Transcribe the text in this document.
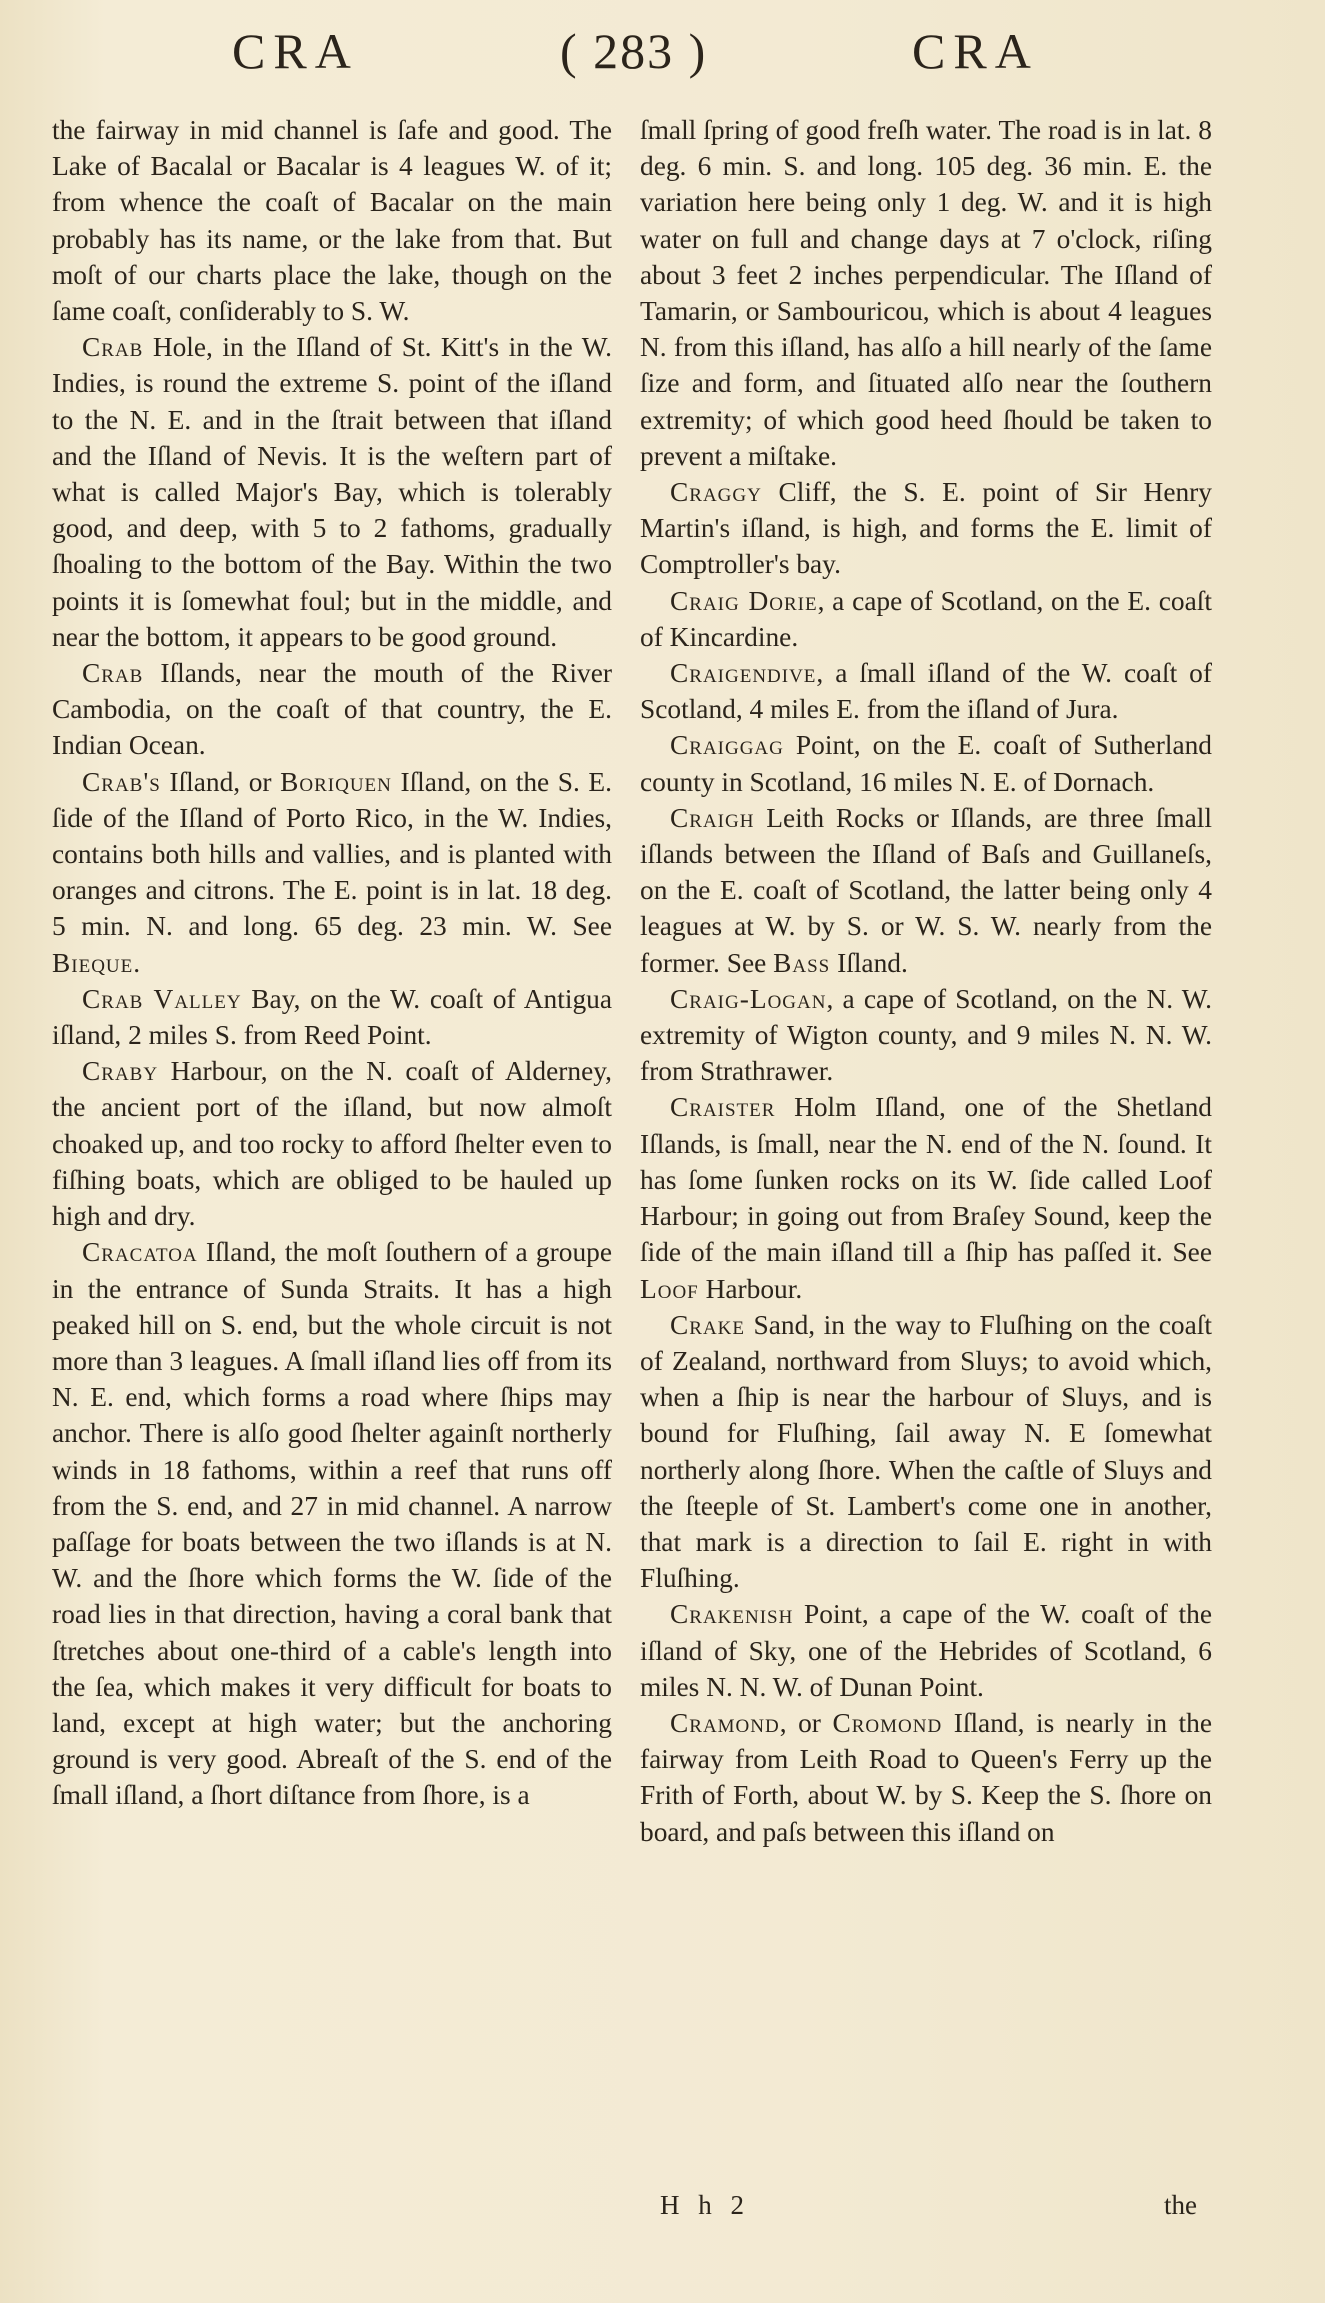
CRA	( 283 )	CRA

the fairway in mid channel is ſafe and good. The Lake of Bacalal or Bacalar is 4 leagues W. of it; from whence the coaſt of Bacalar on the main probably has its name, or the lake from that. But moſt of our charts place the lake, though on the ſame coaſt, conſiderably to S. W.

Crab Hole, in the Iſland of St. Kitt's in the W. Indies, is round the extreme S. point of the iſland to the N. E. and in the ſtrait between that iſland and the Iſland of Nevis. It is the weſtern part of what is called Major's Bay, which is tolerably good, and deep, with 5 to 2 fathoms, gradually ſhoaling to the bottom of the Bay. Within the two points it is ſomewhat foul; but in the middle, and near the bottom, it appears to be good ground.

Crab Iſlands, near the mouth of the River Cambodia, on the coaſt of that country, the E. Indian Ocean.

Crab's Iſland, or Boriquen Iſland, on the S. E. ſide of the Iſland of Porto Rico, in the W. Indies, contains both hills and vallies, and is planted with oranges and citrons. The E. point is in lat. 18 deg. 5 min. N. and long. 65 deg. 23 min. W. See Bieque.

Crab Valley Bay, on the W. coaſt of Antigua iſland, 2 miles S. from Reed Point.

Craby Harbour, on the N. coaſt of Alderney, the ancient port of the iſland, but now almoſt choaked up, and too rocky to afford ſhelter even to fiſhing boats, which are obliged to be hauled up high and dry.

Cracatoa Iſland, the moſt ſouthern of a groupe in the entrance of Sunda Straits. It has a high peaked hill on S. end, but the whole circuit is not more than 3 leagues. A ſmall iſland lies off from its N. E. end, which forms a road where ſhips may anchor. There is alſo good ſhelter againſt northerly winds in 18 fathoms, within a reef that runs off from the S. end, and 27 in mid channel. A narrow paſſage for boats between the two iſlands is at N. W. and the ſhore which forms the W. ſide of the road lies in that direction, having a coral bank that ſtretches about one-third of a cable's length into the ſea, which makes it very difficult for boats to land, except at high water; but the anchoring ground is very good. Abreaſt of the S. end of the ſmall iſland, a ſhort diſtance from ſhore, is a

ſmall ſpring of good freſh water. The road is in lat. 8 deg. 6 min. S. and long. 105 deg. 36 min. E. the variation here being only 1 deg. W. and it is high water on full and change days at 7 o'clock, riſing about 3 feet 2 inches perpendicular. The Iſland of Tamarin, or Sambouricou, which is about 4 leagues N. from this iſland, has alſo a hill nearly of the ſame ſize and form, and ſituated alſo near the ſouthern extremity; of which good heed ſhould be taken to prevent a miſtake.

Craggy Cliff, the S. E. point of Sir Henry Martin's iſland, is high, and forms the E. limit of Comptroller's bay.

Craig Dorie, a cape of Scotland, on the E. coaſt of Kincardine.

Craigendive, a ſmall iſland of the W. coaſt of Scotland, 4 miles E. from the iſland of Jura.

Craiggag Point, on the E. coaſt of Sutherland county in Scotland, 16 miles N. E. of Dornach.

Craigh Leith Rocks or Iſlands, are three ſmall iſlands between the Iſland of Baſs and Guillaneſs, on the E. coaſt of Scotland, the latter being only 4 leagues at W. by S. or W. S. W. nearly from the former. See Bass Iſland.

Craig-Logan, a cape of Scotland, on the N. W. extremity of Wigton county, and 9 miles N. N. W. from Strathrawer.

Craister Holm Iſland, one of the Shetland Iſlands, is ſmall, near the N. end of the N. ſound. It has ſome ſunken rocks on its W. ſide called Loof Harbour; in going out from Braſey Sound, keep the ſide of the main iſland till a ſhip has paſſed it. See Loof Harbour.

Crake Sand, in the way to Fluſhing on the coaſt of Zealand, northward from Sluys; to avoid which, when a ſhip is near the harbour of Sluys, and is bound for Fluſhing, ſail away N. E ſomewhat northerly along ſhore. When the caſtle of Sluys and the ſteeple of St. Lambert's come one in another, that mark is a direction to ſail E. right in with Fluſhing.

Crakenish Point, a cape of the W. coaſt of the iſland of Sky, one of the Hebrides of Scotland, 6 miles N. N. W. of Dunan Point.

Cramond, or Cromond Iſland, is nearly in the fairway from Leith Road to Queen's Ferry up the Frith of Forth, about W. by S. Keep the S. ſhore on board, and paſs between this iſland on

H h 2	the
